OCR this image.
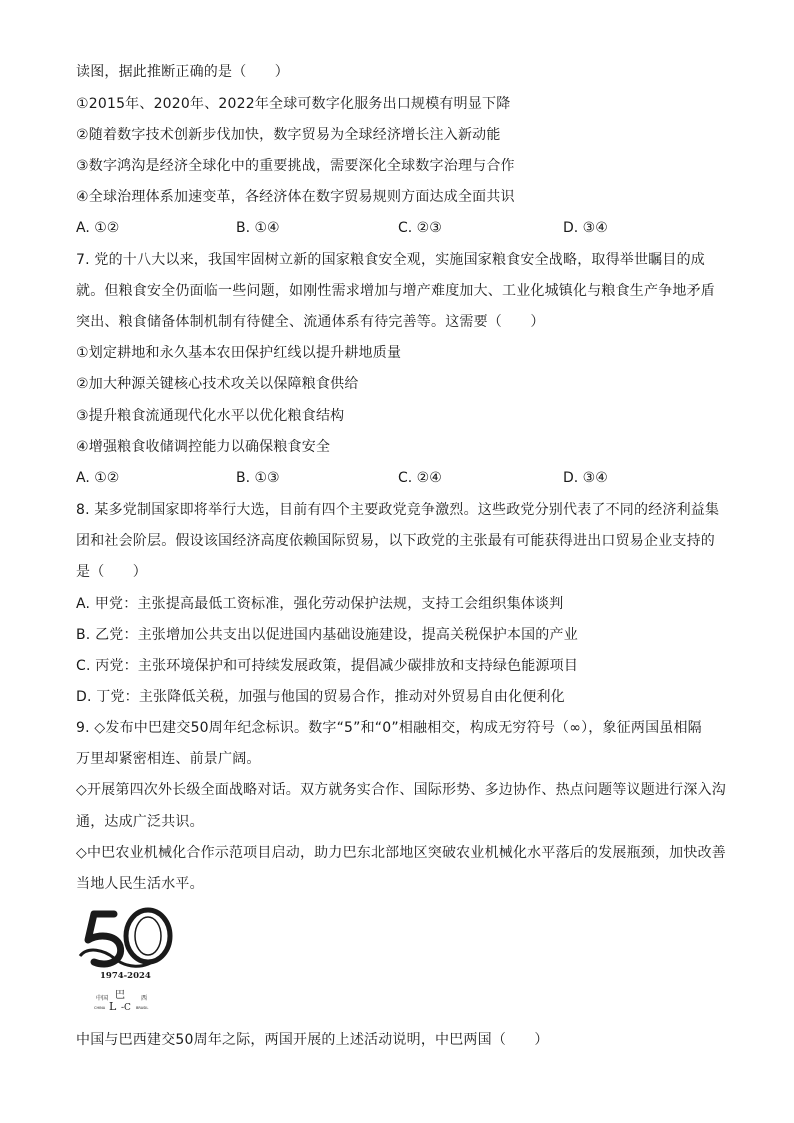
读图，据此推断正确的是（　　）
①2015年、2020年、2022年全球可数字化服务出口规模有明显下降
②随着数字技术创新步伐加快，数字贸易为全球经济增长注入新动能
③数字鸿沟是经济全球化中的重要挑战，需要深化全球数字治理与合作
④全球治理体系加速变革，各经济体在数字贸易规则方面达成全面共识
A. ①②	B. ①④	C. ②③	D. ③④
7. 党的十八大以来，我国牢固树立新的国家粮食安全观，实施国家粮食安全战略，取得举世瞩目的成
就。但粮食安全仍面临一些问题，如刚性需求增加与增产难度加大、工业化城镇化与粮食生产争地矛盾
突出、粮食储备体制机制有待健全、流通体系有待完善等。这需要（　　）
①划定耕地和永久基本农田保护红线以提升耕地质量
②加大种源关键核心技术攻关以保障粮食供给
③提升粮食流通现代化水平以优化粮食结构
④增强粮食收储调控能力以确保粮食安全
A. ①②	B. ①③	C. ②④	D. ③④
8. 某多党制国家即将举行大选，目前有四个主要政党竞争激烈。这些政党分别代表了不同的经济利益集
团和社会阶层。假设该国经济高度依赖国际贸易，以下政党的主张最有可能获得进出口贸易企业支持的
是（　　）
A. 甲党：主张提高最低工资标准，强化劳动保护法规，支持工会组织集体谈判
B. 乙党：主张增加公共支出以促进国内基础设施建设，提高关税保护本国的产业
C. 丙党：主张环境保护和可持续发展政策，提倡减少碳排放和支持绿色能源项目
D. 丁党：主张降低关税，加强与他国的贸易合作，推动对外贸易自由化便利化
9. ◇发布中巴建交50周年纪念标识。数字“5”和“0”相融相交，构成无穷符号（∞），象征两国虽相隔
万里却紧密相连、前景广阔。
◇开展第四次外长级全面战略对话。双方就务实合作、国际形势、多边协作、热点问题等议题进行深入沟
通，达成广泛共识。
◇中巴农业机械化合作示范项目启动，助力巴东北部地区突破农业机械化水平落后的发展瓶颈，加快改善
当地人民生活水平。
1974-2024
中国 巴	西
CHINA L -C BRASIL
中国与巴西建交50周年之际，两国开展的上述活动说明，中巴两国（　　）
